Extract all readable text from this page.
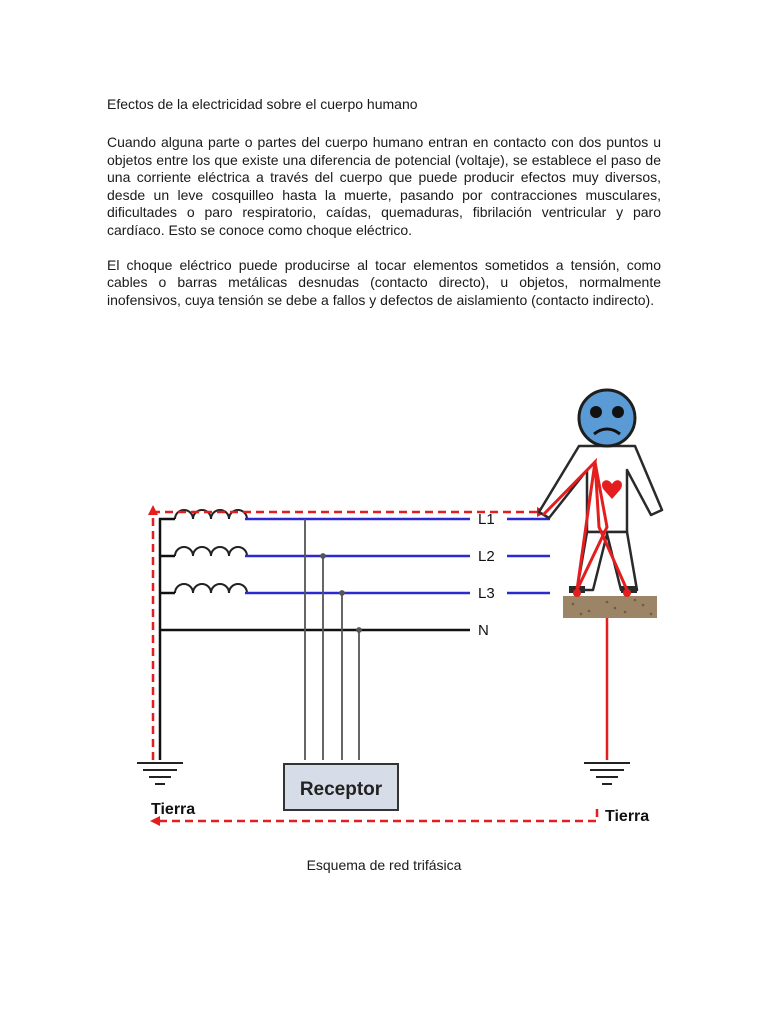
Efectos de la electricidad sobre el cuerpo humano

Cuando alguna parte o partes del cuerpo humano entran en contacto con dos puntos u objetos entre los que existe una diferencia de potencial (voltaje), se establece el paso de una corriente eléctrica a través del cuerpo que puede producir efectos muy diversos, desde un leve cosquilleo hasta la muerte, pasando por contracciones musculares, dificultades o paro respiratorio, caídas, quemaduras, fibrilación ventricular y paro cardíaco. Esto se conoce como choque eléctrico.

El choque eléctrico puede producirse al tocar elementos sometidos a tensión, como cables o barras metálicas desnudas (contacto directo), u objetos, normalmente inofensivos, cuya tensión se debe a fallos y defectos de aislamiento (contacto indirecto).

Receptor
L1
L2
L3
N
Tierra	Tierra
Esquema de red trifásica
